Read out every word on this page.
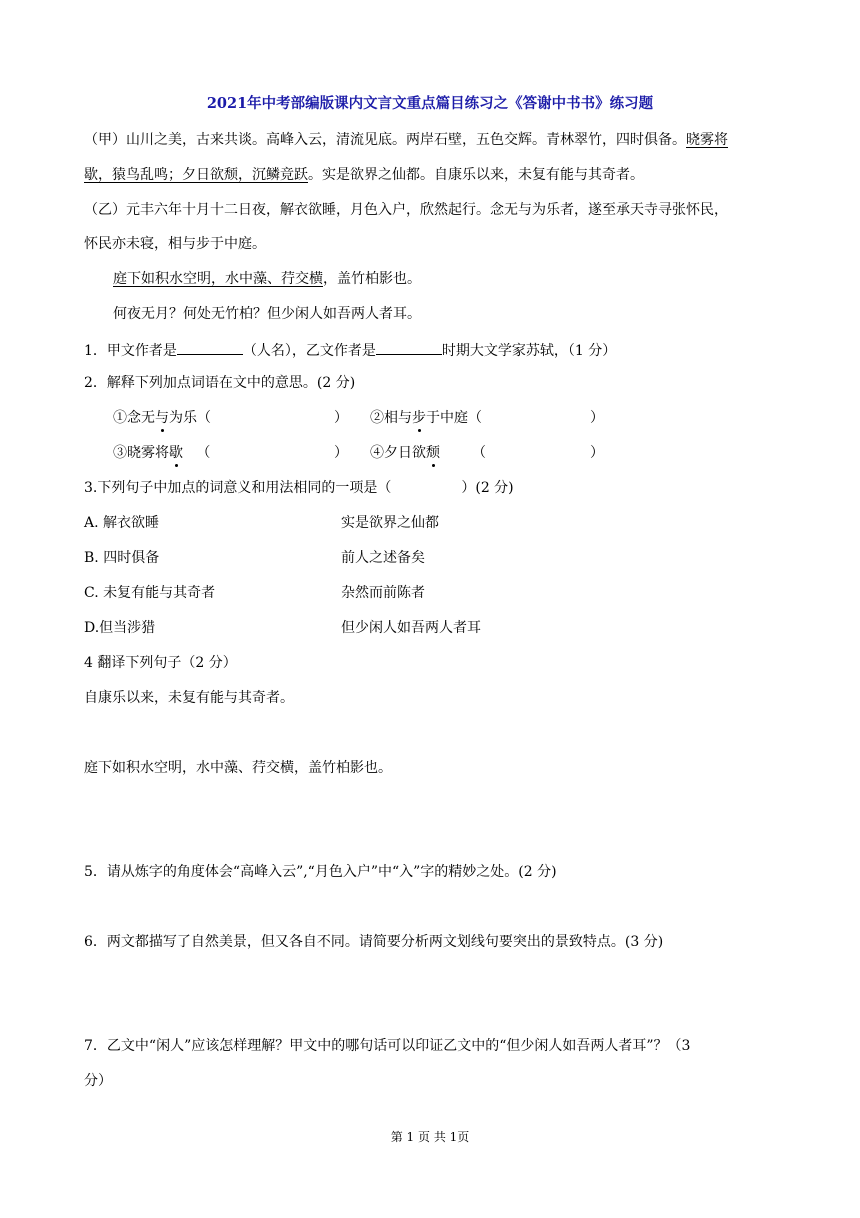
2021年中考部编版课内文言文重点篇目练习之《答谢中书书》练习题
（甲）山川之美，古来共谈。高峰入云，清流见底。两岸石壁，五色交辉。青林翠竹，四时俱备。晓雾将
歇，猿鸟乱鸣；夕日欲颓，沉鳞竞跃。实是欲界之仙都。自康乐以来，未复有能与其奇者。
（乙）元丰六年十月十二日夜，解衣欲睡，月色入户，欣然起行。念无与为乐者，遂至承天寺寻张怀民，
怀民亦未寝，相与步于中庭。
庭下如积水空明，水中藻、荇交横，盖竹柏影也。
何夜无月？何处无竹柏？但少闲人如吾两人者耳。
1．甲文作者是	（人名），乙文作者是	时期大文学家苏轼，（1 分）
2．解释下列加点词语在文中的意思。(2 分)
①念无与为乐（	） ②相与步于中庭（	）
③晓雾将歇 （	） ④夕日欲颓 （	）
3.下列句子中加点的词意义和用法相同的一项是（	）(2 分)
A. 解衣欲睡	实是欲界之仙都
B. 四时俱备	前人之述备矣
C. 未复有能与其奇者	杂然而前陈者
D.但当涉猎	但少闲人如吾两人者耳
4 翻译下列句子（2 分）
自康乐以来，未复有能与其奇者。
庭下如积水空明，水中藻、荇交横，盖竹柏影也。
5．请从炼字的角度体会“高峰入云”,“月色入户”中“入”字的精妙之处。(2 分)
6．两文都描写了自然美景，但又各自不同。请简要分析两文划线句要突出的景致特点。(3 分)
7．乙文中“闲人”应该怎样理解？甲文中的哪句话可以印证乙文中的“但少闲人如吾两人者耳”？（3
分）
第 1 页 共 1页
